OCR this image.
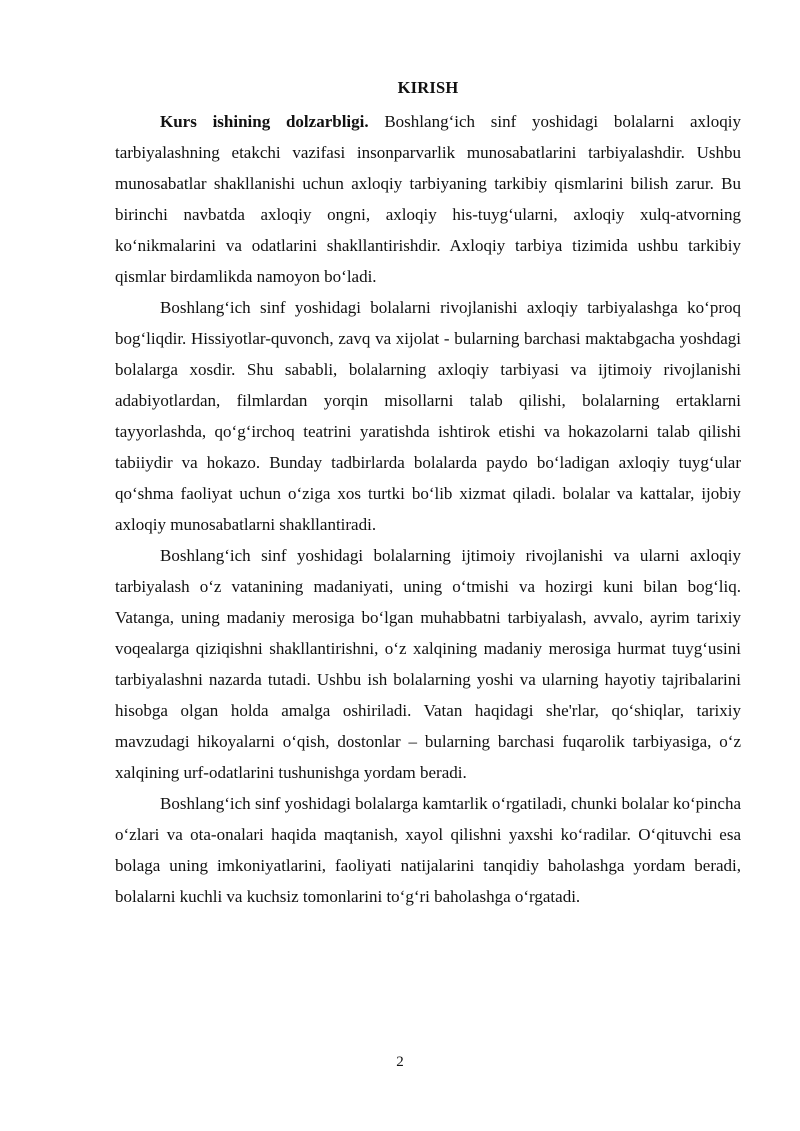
KIRISH

Kurs ishining dolzarbligi. Boshlang‘ich sinf yoshidagi bolalarni axloqiy tarbiyalashning etakchi vazifasi insonparvarlik munosabatlarini tarbiyalashdir. Ushbu munosabatlar shakllanishi uchun axloqiy tarbiyaning tarkibiy qismlarini bilish zarur. Bu birinchi navbatda axloqiy ongni, axloqiy his-tuyg‘ularni, axloqiy xulq-atvorning ko‘nikmalarini va odatlarini shakllantirishdir. Axloqiy tarbiya tizimida ushbu tarkibiy qismlar birdamlikda namoyon bo‘ladi.

Boshlang‘ich sinf yoshidagi bolalarni rivojlanishi axloqiy tarbiyalashga ko‘proq bog‘liqdir. Hissiyotlar-quvonch, zavq va xijolat - bularning barchasi maktabgacha yoshdagi bolalarga xosdir. Shu sababli, bolalarning axloqiy tarbiyasi va ijtimoiy rivojlanishi adabiyotlardan, filmlardan yorqin misollarni talab qilishi, bolalarning ertaklarni tayyorlashda, qo‘g‘irchoq teatrini yaratishda ishtirok etishi va hokazolarni talab qilishi tabiiydir va hokazo. Bunday tadbirlarda bolalarda paydo bo‘ladigan axloqiy tuyg‘ular qo‘shma faoliyat uchun o‘ziga xos turtki bo‘lib xizmat qiladi. bolalar va kattalar, ijobiy axloqiy munosabatlarni shakllantiradi.

Boshlang‘ich sinf yoshidagi bolalarning ijtimoiy rivojlanishi va ularni axloqiy tarbiyalash o‘z vatanining madaniyati, uning o‘tmishi va hozirgi kuni bilan bog‘liq. Vatanga, uning madaniy merosiga bo‘lgan muhabbatni tarbiyalash, avvalo, ayrim tarixiy voqealarga qiziqishni shakllantirishni, o‘z xalqining madaniy merosiga hurmat tuyg‘usini tarbiyalashni nazarda tutadi. Ushbu ish bolalarning yoshi va ularning hayotiy tajribalarini hisobga olgan holda amalga oshiriladi. Vatan haqidagi she'rlar, qo‘shiqlar, tarixiy mavzudagi hikoyalarni o‘qish, dostonlar – bularning barchasi fuqarolik tarbiyasiga, o‘z xalqining urf-odatlarini tushunishga yordam beradi.

Boshlang‘ich sinf yoshidagi bolalarga kamtarlik o‘rgatiladi, chunki bolalar ko‘pincha o‘zlari va ota-onalari haqida maqtanish, xayol qilishni yaxshi ko‘radilar. O‘qituvchi esa bolaga uning imkoniyatlarini, faoliyati natijalarini tanqidiy baholashga yordam beradi, bolalarni kuchli va kuchsiz tomonlarini to‘g‘ri baholashga o‘rgatadi.

2
